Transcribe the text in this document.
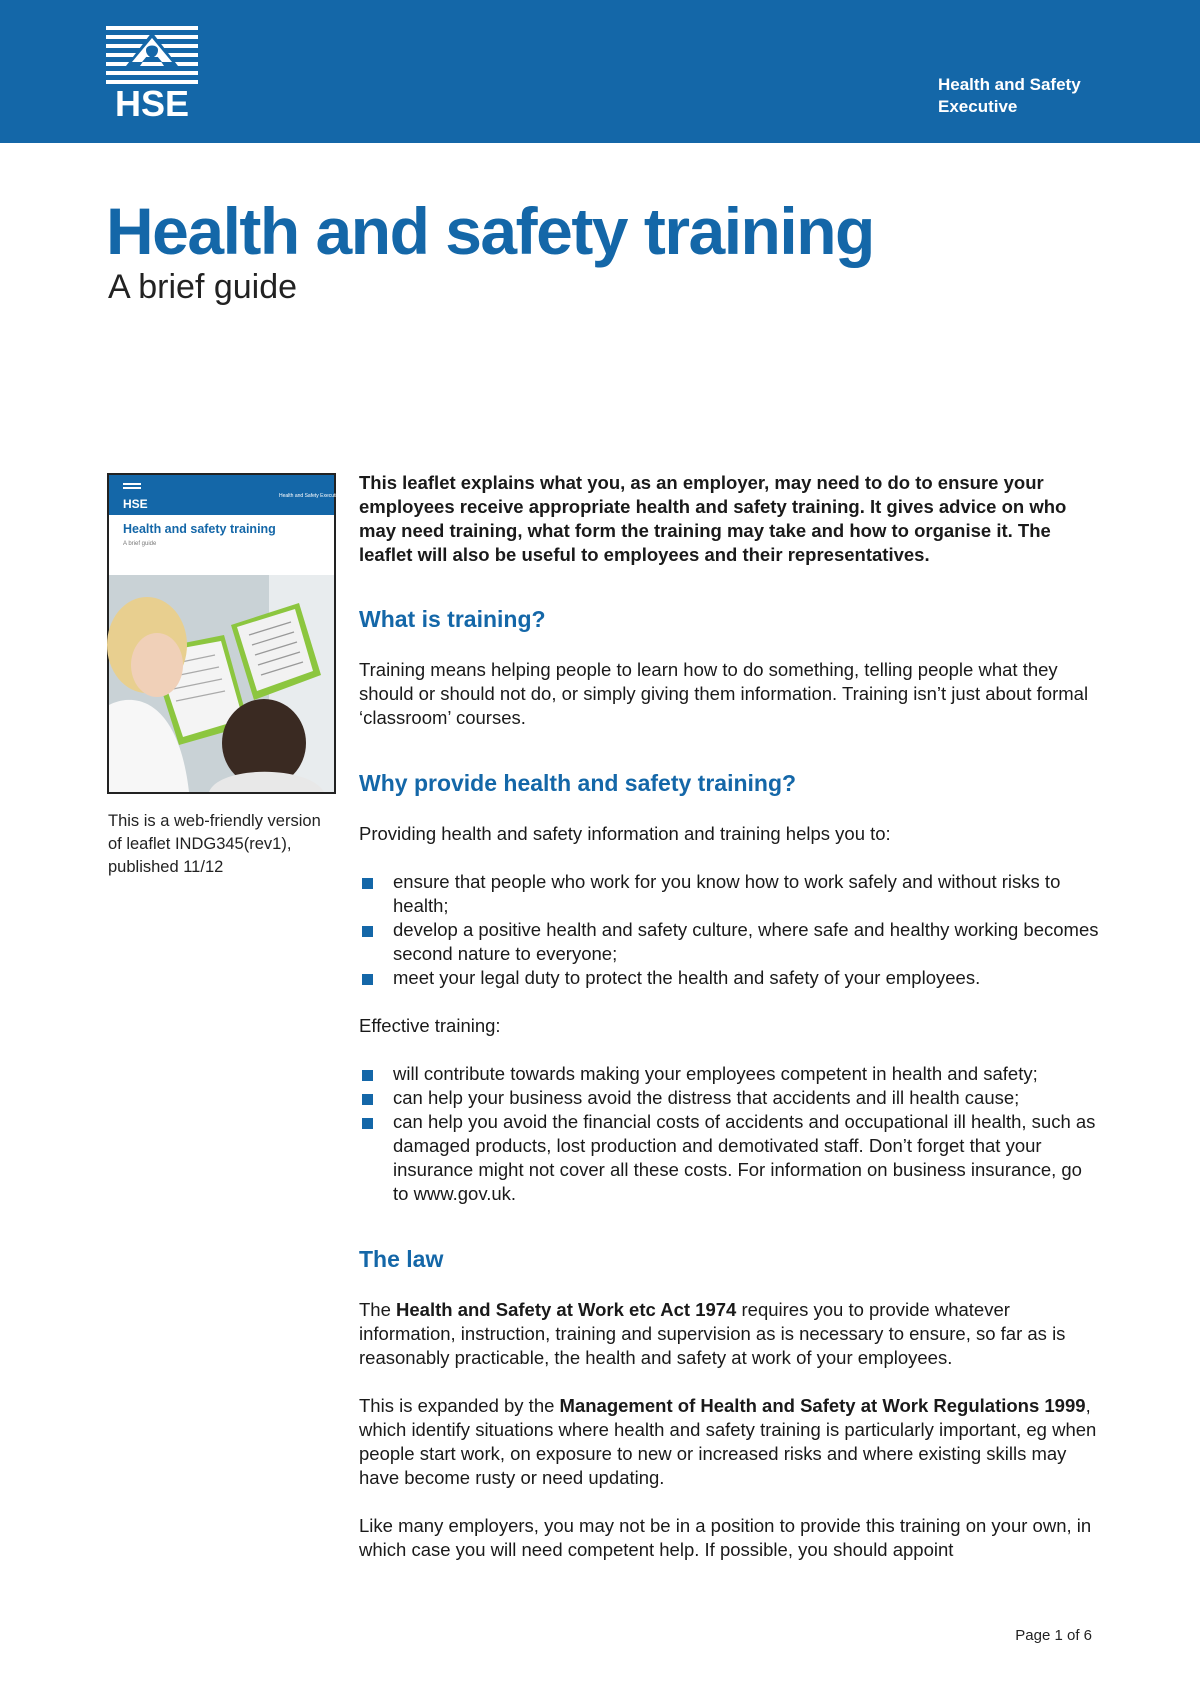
HSE	Health and Safety
Executive
Health and safety training
A brief guide
HSE
Health and Safety Executive
Health and safety training
A brief guide
This is a web-friendly version of leaflet INDG345(rev1), published 11/12

This leaflet explains what you, as an employer, may need to do to ensure your employees receive appropriate health and safety training. It gives advice on who may need training, what form the training may take and how to organise it. The leaflet will also be useful to employees and their representatives.

What is training?

Training means helping people to learn how to do something, telling people what they should or should not do, or simply giving them information. Training isn’t just about formal ‘classroom’ courses.

Why provide health and safety training?

Providing health and safety information and training helps you to:

ensure that people who work for you know how to work safely and without risks to health;
develop a positive health and safety culture, where safe and healthy working becomes second nature to everyone;
meet your legal duty to protect the health and safety of your employees.

Effective training:

will contribute towards making your employees competent in health and safety;
can help your business avoid the distress that accidents and ill health cause;
can help you avoid the financial costs of accidents and occupational ill health, such as damaged products, lost production and demotivated staff. Don’t forget that your insurance might not cover all these costs. For information on business insurance, go to www.gov.uk.
The law

The Health and Safety at Work etc Act 1974 requires you to provide whatever information, instruction, training and supervision as is necessary to ensure, so far as is reasonably practicable, the health and safety at work of your employees.

This is expanded by the Management of Health and Safety at Work Regulations 1999, which identify situations where health and safety training is particularly important, eg when people start work, on exposure to new or increased risks and where existing skills may have become rusty or need updating.

Like many employers, you may not be in a position to provide this training on your own, in which case you will need competent help. If possible, you should appoint

Page 1 of 6
